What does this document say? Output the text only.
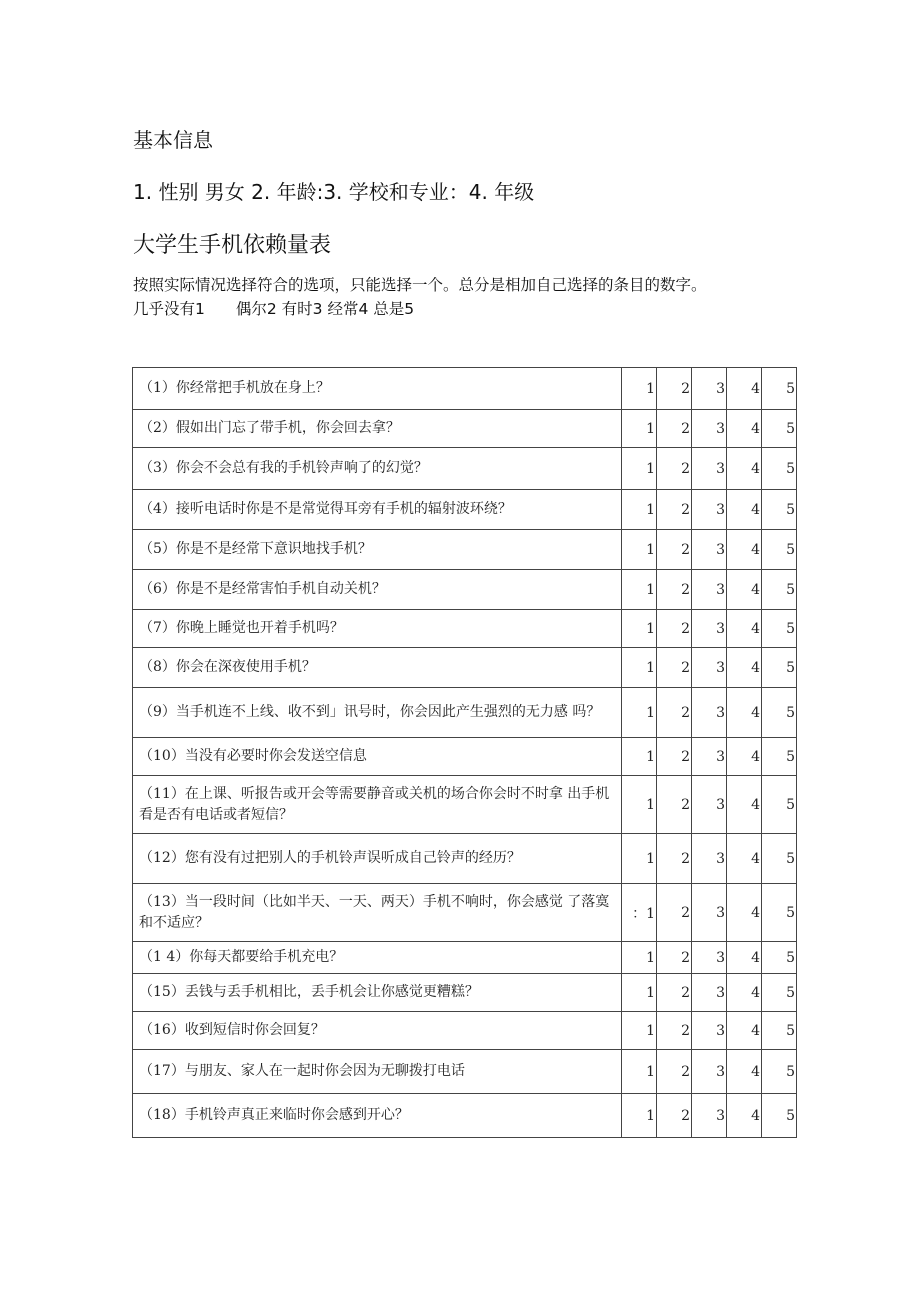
基本信息
1. 性别 男女 2. 年龄:3. 学校和专业：4. 年级
大学生手机依赖量表

按照实际情况选择符合的选项，只能选择一个。总分是相加自己选择的条目的数字。

几乎没有1　　偶尔2 有时3 经常4 总是5

（1）你经常把手机放在身上？	1	2	3	4	5
（2）假如出门忘了带手机，你会回去拿？	1	2	3	4	5
（3）你会不会总有我的手机铃声响了的幻觉？	1	2	3	4	5
（4）接听电话时你是不是常觉得耳旁有手机的辐射波环绕？	1	2	3	4	5
（5）你是不是经常下意识地找手机？	1	2	3	4	5
（6）你是不是经常害怕手机自动关机？	1	2	3	4	5
（7）你晚上睡觉也开着手机吗？	1	2	3	4	5
（8）你会在深夜使用手机？	1	2	3	4	5
（9）当手机连不上线、收不到」讯号时，你会因此产生强烈的无力感 吗？	1	2	3	4	5
（10）当没有必要时你会发送空信息	1	2	3	4	5
（11）在上课、听报告或开会等需要静音或关机的场合你会时不时拿 出手机看是否有电话或者短信？	1	2	3	4	5
（12）您有没有过把别人的手机铃声误听成自己铃声的经历？	1	2	3	4	5
（13）当一段时间（比如半天、一天、两天）手机不响时，你会感觉 了落寞和不适应？	：1	2	3	4	5
（1 4）你每天都要给手机充电？	1	2	3	4	5
（15）丢钱与丢手机相比，丢手机会让你感觉更糟糕？	1	2	3	4	5
（16）收到短信时你会回复？	1	2	3	4	5
（17）与朋友、家人在一起时你会因为无聊拨打电话	1	2	3	4	5
（18）手机铃声真正来临时你会感到开心？	1	2	3	4	5
